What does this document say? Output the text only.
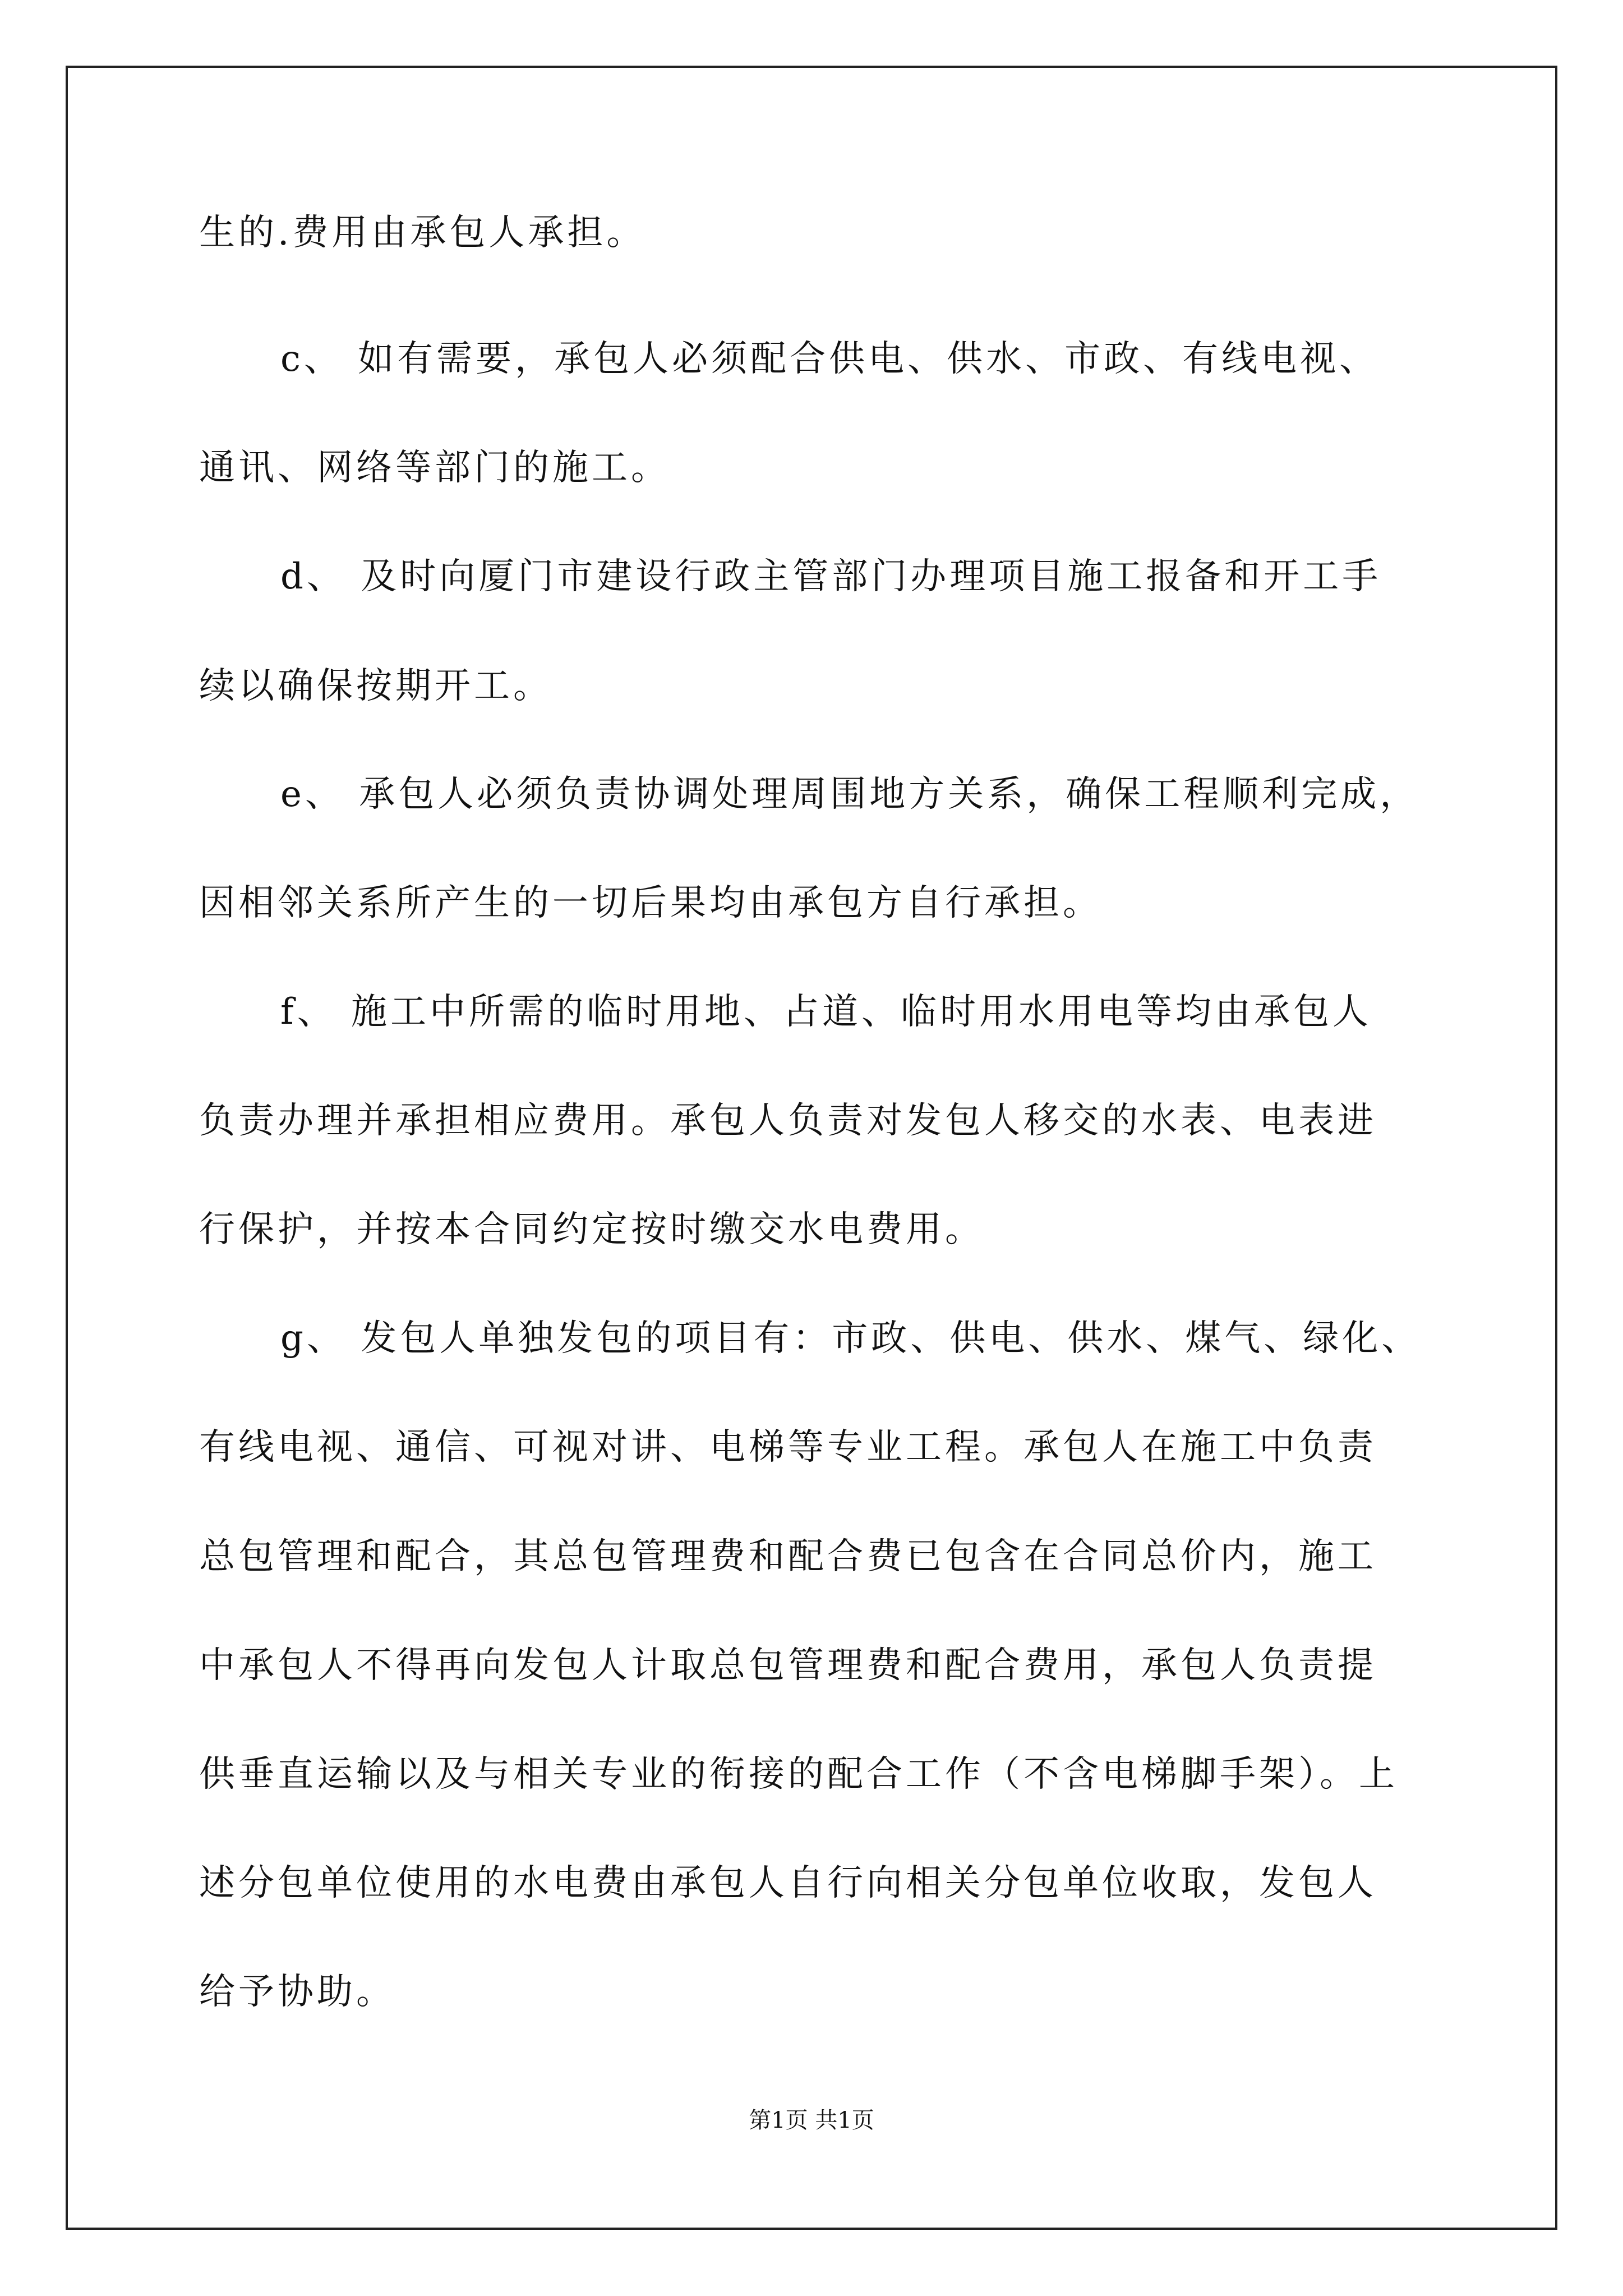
生的.费用由承包人承担。

c、 如有需要，承包人必须配合供电、供水、市政、有线电视、

通讯、网络等部门的施工。

d、 及时向厦门市建设行政主管部门办理项目施工报备和开工手

续以确保按期开工。

e、 承包人必须负责协调处理周围地方关系，确保工程顺利完成，

因相邻关系所产生的一切后果均由承包方自行承担。

f、 施工中所需的临时用地、占道、临时用水用电等均由承包人

负责办理并承担相应费用。承包人负责对发包人移交的水表、电表进

行保护，并按本合同约定按时缴交水电费用。

g、 发包人单独发包的项目有：市政、供电、供水、煤气、绿化、

有线电视、通信、可视对讲、电梯等专业工程。承包人在施工中负责

总包管理和配合，其总包管理费和配合费已包含在合同总价内，施工

中承包人不得再向发包人计取总包管理费和配合费用，承包人负责提

供垂直运输以及与相关专业的衔接的配合工作（不含电梯脚手架）。上

述分包单位使用的水电费由承包人自行向相关分包单位收取，发包人

给予协助。

第1页 共1页
